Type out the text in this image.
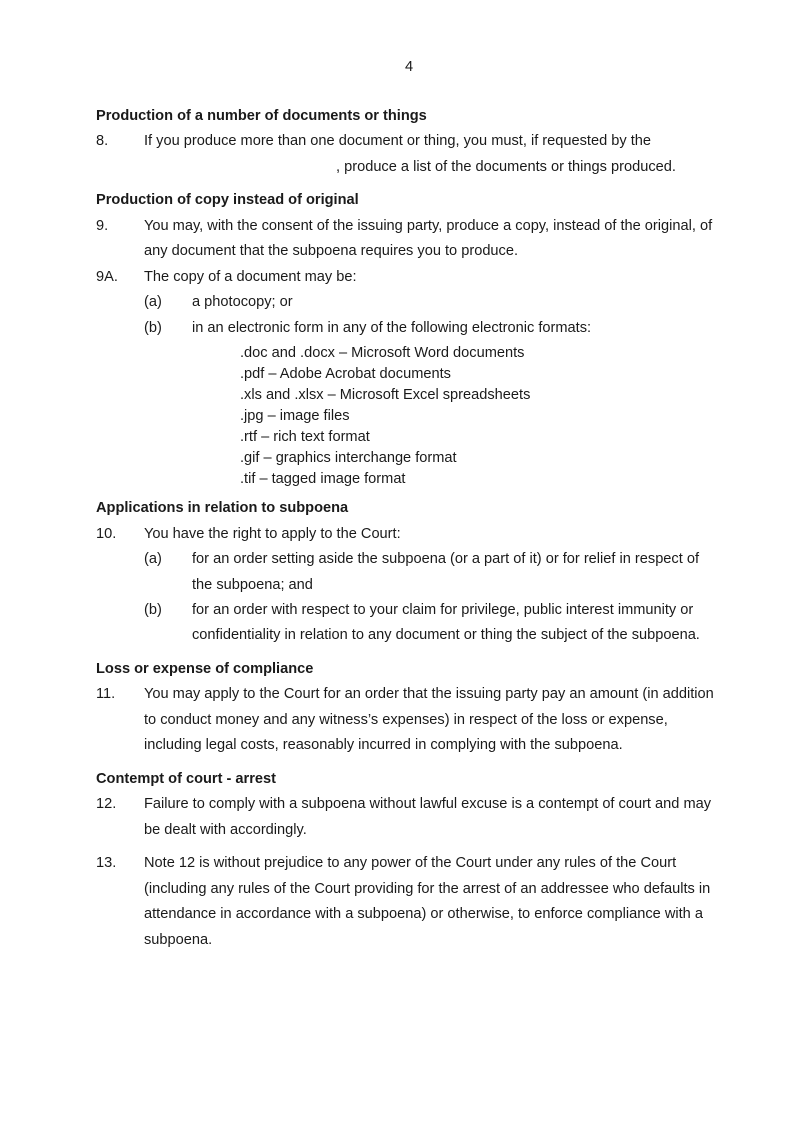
4
Production of a number of documents or things
8. If you produce more than one document or thing, you must, if requested by the
, produce a list of the documents or things produced.
Production of copy instead of original
9. You may, with the consent of the issuing party, produce a copy, instead of the original, of
any document that the subpoena requires you to produce.
9A. The copy of a document may be:
(a) a photocopy; or
(b) in an electronic form in any of the following electronic formats:
.doc and .docx – Microsoft Word documents
.pdf – Adobe Acrobat documents
.xls and .xlsx – Microsoft Excel spreadsheets
.jpg – image files
.rtf – rich text format
.gif – graphics interchange format
.tif – tagged image format
Applications in relation to subpoena
10. You have the right to apply to the Court:
(a) for an order setting aside the subpoena (or a part of it) or for relief in respect of
the subpoena; and
(b) for an order with respect to your claim for privilege, public interest immunity or
confidentiality in relation to any document or thing the subject of the subpoena.
Loss or expense of compliance
11. You may apply to the Court for an order that the issuing party pay an amount (in addition
to conduct money and any witness’s expenses) in respect of the loss or expense,
including legal costs, reasonably incurred in complying with the subpoena.
Contempt of court - arrest
12. Failure to comply with a subpoena without lawful excuse is a contempt of court and may
be dealt with accordingly.
13. Note 12 is without prejudice to any power of the Court under any rules of the Court
(including any rules of the Court providing for the arrest of an addressee who defaults in
attendance in accordance with a subpoena) or otherwise, to enforce compliance with a
subpoena.
